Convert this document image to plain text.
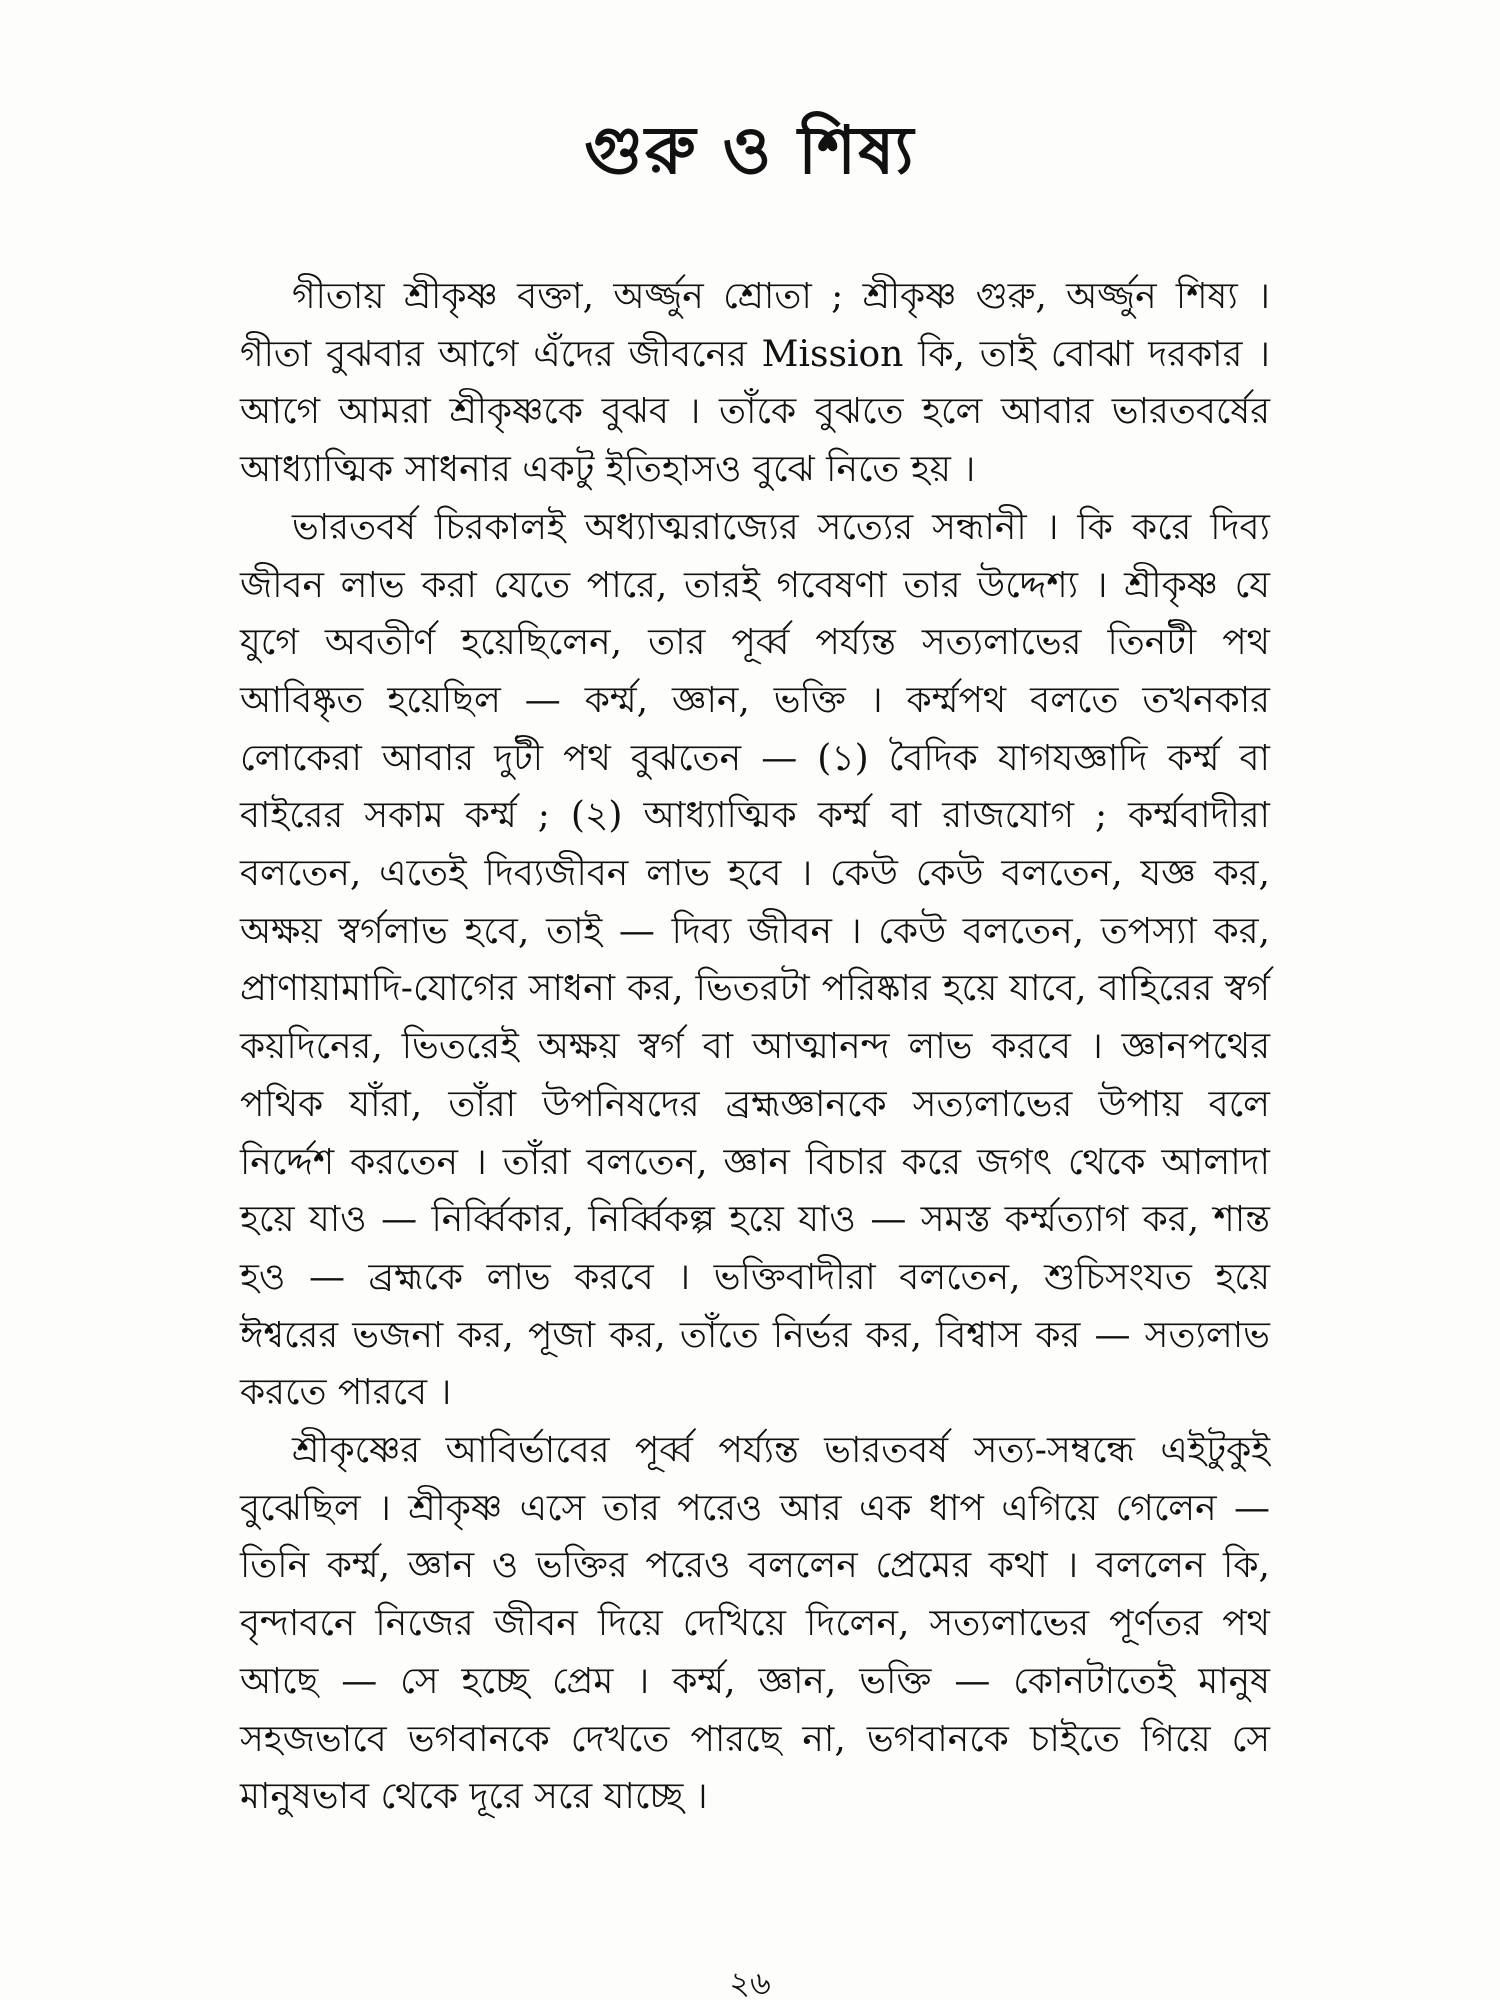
গুরু ও শিষ্য

গীতায় শ্রীকৃষ্ণ বক্তা, অর্জ্জুন শ্রোতা ; শ্রীকৃষ্ণ গুরু, অর্জ্জুন শিষ্য । গীতা বুঝবার আগে এঁদের জীবনের Mission কি, তাই বোঝা দরকার । আগে আমরা শ্রীকৃষ্ণকে বুঝব । তাঁকে বুঝতে হলে আবার ভারতবর্ষের আধ্যাত্মিক সাধনার একটু ইতিহাসও বুঝে নিতে হয় ।

ভারতবর্ষ চিরকালই অধ্যাত্মরাজ্যের সত্যের সন্ধানী । কি করে দিব্য জীবন লাভ করা যেতে পারে, তারই গবেষণা তার উদ্দেশ্য । শ্রীকৃষ্ণ যে যুগে অবতীর্ণ হয়েছিলেন, তার পূর্ব্ব পর্য্যন্ত সত্যলাভের তিনটী পথ আবিষ্কৃত হয়েছিল — কর্ম্ম, জ্ঞান, ভক্তি । কর্ম্মপথ বলতে তখনকার লোকেরা আবার দুটী পথ বুঝতেন — (১) বৈদিক যাগযজ্ঞাদি কর্ম্ম বা বাইরের সকাম কর্ম্ম ; (২) আধ্যাত্মিক কর্ম্ম বা রাজযোগ ; কর্ম্মবাদীরা বলতেন, এতেই দিব্যজীবন লাভ হবে । কেউ কেউ বলতেন, যজ্ঞ কর, অক্ষয় স্বর্গলাভ হবে, তাই — দিব্য জীবন । কেউ বলতেন, তপস্যা কর, প্রাণায়ামাদি-যোগের সাধনা কর, ভিতরটা পরিষ্কার হয়ে যাবে, বাহিরের স্বর্গ কয়দিনের, ভিতরেই অক্ষয় স্বর্গ বা আত্মানন্দ লাভ করবে । জ্ঞানপথের পথিক যাঁরা, তাঁরা উপনিষদের ব্রহ্মজ্ঞানকে সত্যলাভের উপায় বলে নির্দ্দেশ করতেন । তাঁরা বলতেন, জ্ঞান বিচার করে জগৎ থেকে আলাদা হয়ে যাও — নির্ব্বিকার, নির্ব্বিকল্প হয়ে যাও — সমস্ত কর্ম্মত্যাগ কর, শান্ত হও — ব্রহ্মকে লাভ করবে । ভক্তিবাদীরা বলতেন, শুচিসংযত হয়ে ঈশ্বরের ভজনা কর, পূজা কর, তাঁতে নির্ভর কর, বিশ্বাস কর — সত্যলাভ করতে পারবে ।

শ্রীকৃষ্ণের আবির্ভাবের পূর্ব্ব পর্য্যন্ত ভারতবর্ষ সত্য-সম্বন্ধে এইটুকুই বুঝেছিল । শ্রীকৃষ্ণ এসে তার পরেও আর এক ধাপ এগিয়ে গেলেন — তিনি কর্ম্ম, জ্ঞান ও ভক্তির পরেও বললেন প্রেমের কথা । বললেন কি, বৃন্দাবনে নিজের জীবন দিয়ে দেখিয়ে দিলেন, সত্যলাভের পূর্ণতর পথ আছে — সে হচ্ছে প্রেম । কর্ম্ম, জ্ঞান, ভক্তি — কোনটাতেই মানুষ সহজভাবে ভগবানকে দেখতে পারছে না, ভগবানকে চাইতে গিয়ে সে মানুষভাব থেকে দূরে সরে যাচ্ছে ।

২৬
